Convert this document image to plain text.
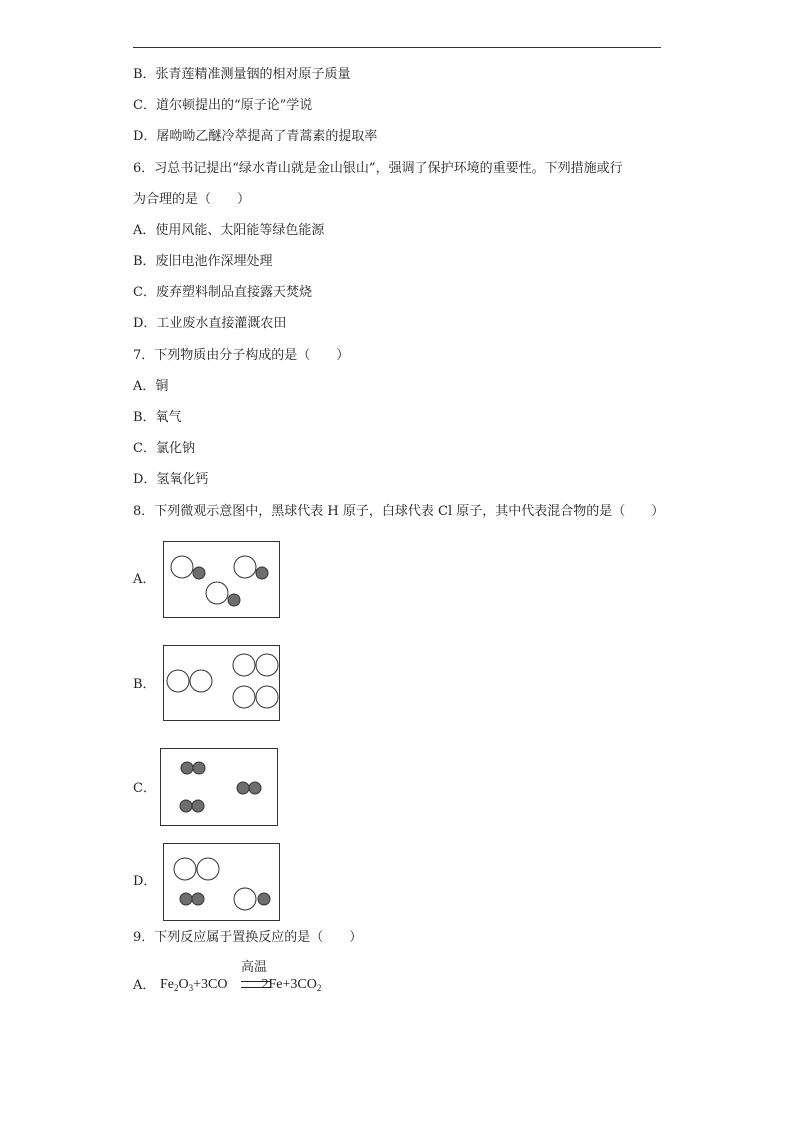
B．张青莲精准测量铟的相对原子质量
C．道尔顿提出的“原子论”学说
D．屠呦呦乙醚冷萃提高了青蒿素的提取率
6．习总书记提出“绿水青山就是金山银山”，强调了保护环境的重要性。下列措施或行
为合理的是（　　）
A．使用风能、太阳能等绿色能源
B．废旧电池作深埋处理
C．废弃塑料制品直接露天焚烧
D．工业废水直接灌溉农田
7．下列物质由分子构成的是（　　）
A．铜
B．氧气
C．氯化钠
D．氢氧化钙
8．下列微观示意图中，黑球代表 H 原子，白球代表 Cl 原子，其中代表混合物的是（　　）
A．
B．
C．
D．
9．下列反应属于置换反应的是（　　）
A．
高温
$Fe_2O_3+3CO$ $2Fe+3CO_2$
